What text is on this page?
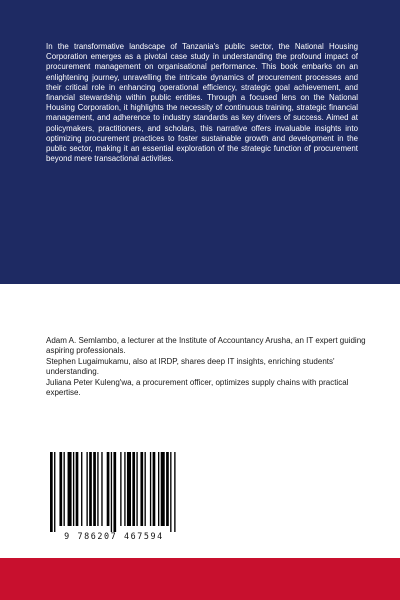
In the transformative landscape of Tanzania's public sector, the National Housing Corporation emerges as a pivotal case study in understanding the profound impact of procurement management on organisational performance. This book embarks on an enlightening journey, unravelling the intricate dynamics of procurement processes and their critical role in enhancing operational efficiency, strategic goal achievement, and financial stewardship within public entities. Through a focused lens on the National Housing Corporation, it highlights the necessity of continuous training, strategic financial management, and adherence to industry standards as key drivers of success. Aimed at policymakers, practitioners, and scholars, this narrative offers invaluable insights into optimizing procurement practices to foster sustainable growth and development in the public sector, making it an essential exploration of the strategic function of procurement beyond mere transactional activities.

Adam A. Semlambo, a lecturer at the Institute of Accountancy Arusha, an IT expert guiding aspiring professionals.

Stephen Lugaimukamu, also at IRDP, shares deep IT insights, enriching students' understanding.

Juliana Peter Kuleng'wa, a procurement officer, optimizes supply chains with practical expertise.

9 786207 467594
